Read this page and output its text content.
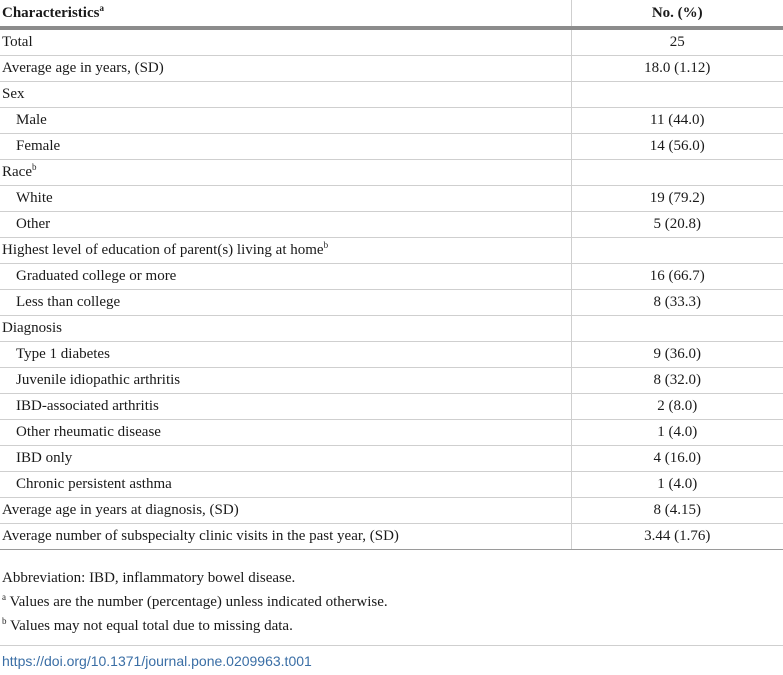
Characteristics$^a$	No. (%)
Total	25
Average age in years, (SD)	18.0 (1.12)
Sex	
Male	11 (44.0)
Female	14 (56.0)
Race$^b$	
White	19 (79.2)
Other	5 (20.8)
Highest level of education of parent(s) living at home$^b$	
Graduated college or more	16 (66.7)
Less than college	8 (33.3)
Diagnosis	
Type 1 diabetes	9 (36.0)
Juvenile idiopathic arthritis	8 (32.0)
IBD-associated arthritis	2 (8.0)
Other rheumatic disease	1 (4.0)
IBD only	4 (16.0)
Chronic persistent asthma	1 (4.0)
Average age in years at diagnosis, (SD)	8 (4.15)
Average number of subspecialty clinic visits in the past year, (SD)	3.44 (1.76)
Abbreviation: IBD, inflammatory bowel disease.
$^a$ Values are the number (percentage) unless indicated otherwise.
$^b$ Values may not equal total due to missing data.
https://doi.org/10.1371/journal.pone.0209963.t001
